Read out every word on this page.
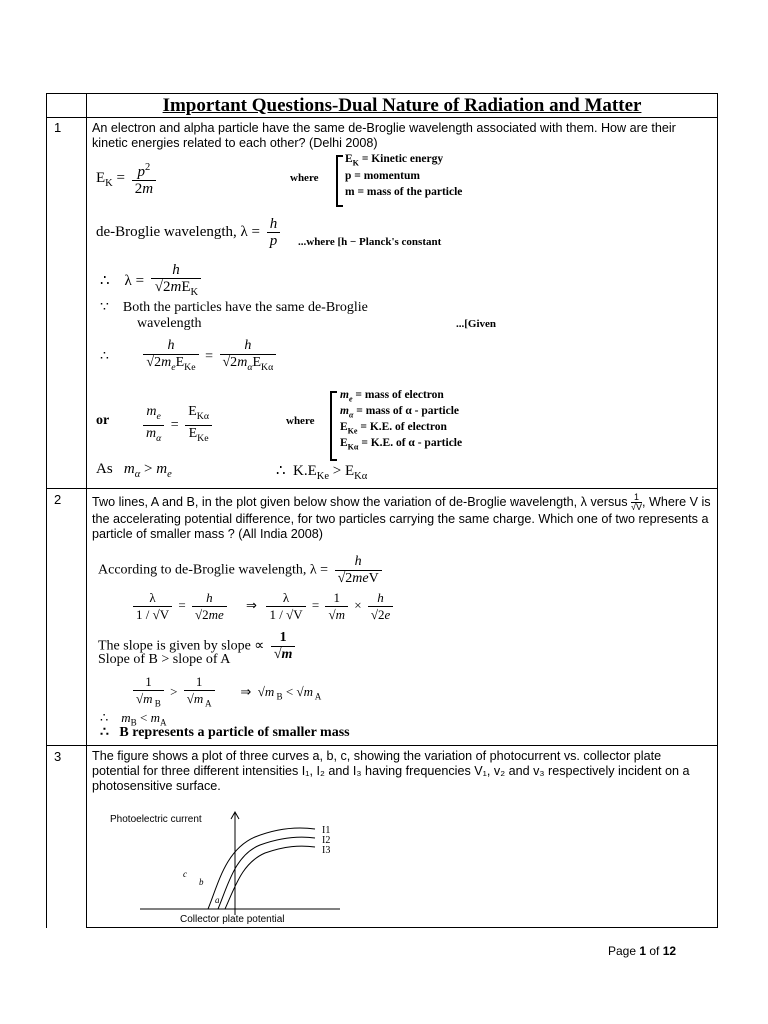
Important Questions-Dual Nature of Radiation and Matter
1 An electron and alpha particle have the same de-Broglie wavelength associated with them. How are their kinetic energies related to each other? (Delhi 2008)
$E_K = \frac{p^2}{2m}$	where
$E_K$ = Kinetic energy
p = momentum
m = mass of the particle
de-Broglie wavelength, $\lambda = \frac{h}{p}$ ...where [h − Planck's constant
∴    $\lambda = \frac{h}{√2mE_K}$
∵    Both the particles have the same de-Broglie
wavelength	...[Given
∴ $\frac{h}{√2m_eE_{Ke}} = \frac{h}{√2m_\alpha E_{K\alpha}}$
or $\frac{m_e}{m_\alpha} = \frac{E_{K\alpha}}{E_{Ke}}$	where
$m_e$ = mass of electron
$m_\alpha$ = mass of α - particle
$E_{Ke} = K.E$. of electron
$E_{K\alpha} = K.E$. of α - particle
As $m_\alpha > m_e$	∴  $K.E_{Ke} > E_{K\alpha}$
2 Two lines, A and B, in the plot given below show the variation of de-Broglie wavelength, λ versus $\frac{1}{√V}$ , Where V is the accelerating potential difference, for two particles carrying the same charge. Which one of two represents a particle of smaller mass ? (All India 2008)
According to de-Broglie wavelength, $\lambda = \frac{h}{\text{√2meV}}$
$\frac{\lambda}{1 / √V} = \frac{h}{√2me}$ ⇒ $\frac{\lambda}{1 / √V} = \frac{1}{√m} \times \frac{h}{√2e}$
The slope is given by slope ∝ $\frac{1}{√m}$
Slope of B > slope of A
$\frac{1}{√m _B} > \frac{1}{√m _A}$ ⇒  √m $_B$ < √m $_A$
∴    $m_B < m_A$
∴   B represents a particle of smaller mass
3 The figure shows a plot of three curves a, b, c, showing the variation of photocurrent vs. collector plate potential for three different intensities I₁, I₂ and I₃ having frequencies V₁, v₂ and v₃ respectively incident on a photosensitive surface.
Photoelectric current
Collector plate potential
c
b
a
I1
I2
I3
Page 1 of 12
